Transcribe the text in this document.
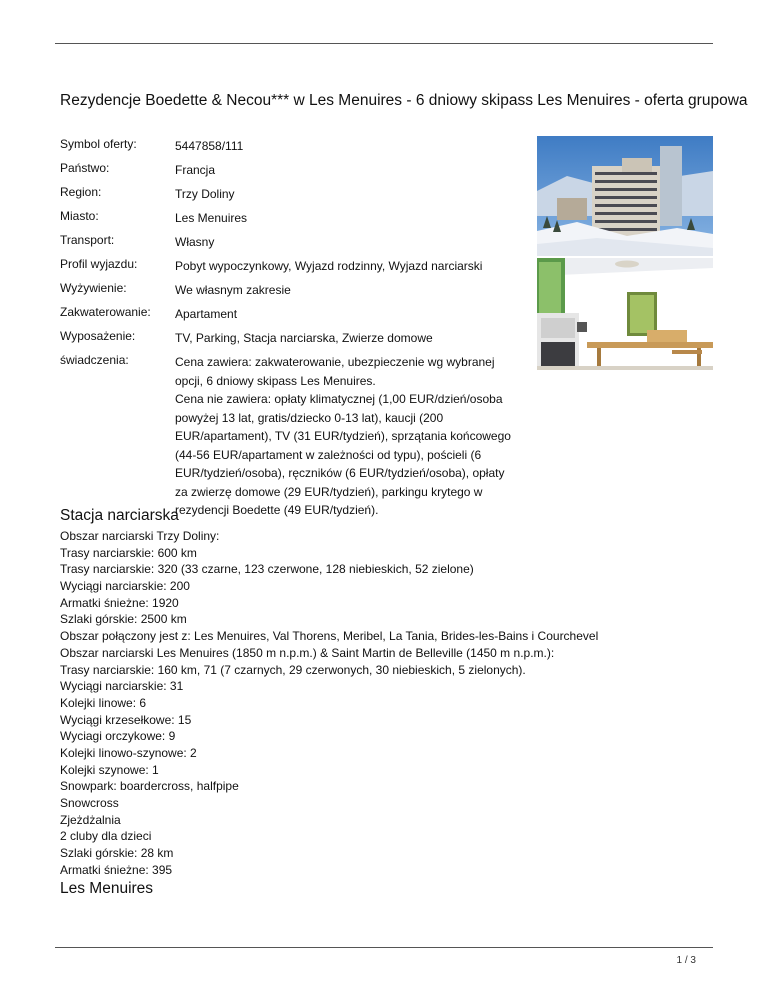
Rezydencje Boedette & Necou*** w Les Menuires - 6 dniowy skipass Les Menuires - oferta grupowa
Symbol oferty:	5447858/111
Państwo:	Francja
Region:	Trzy Doliny
Miasto:	Les Menuires
Transport:	Własny
Profil wyjazdu:	Pobyt wypoczynkowy, Wyjazd rodzinny, Wyjazd narciarski
Wyżywienie:	We własnym zakresie
Zakwaterowanie: Apartament
Wyposażenie:	TV, Parking, Stacja narciarska, Zwierze domowe
świadczenia:	Cena zawiera: zakwaterowanie, ubezpieczenie wg wybranej
opcji, 6 dniowy skipass Les Menuires.
Cena nie zawiera: opłaty klimatycznej (1,00 EUR/dzień/osoba
powyżej 13 lat, gratis/dziecko 0-13 lat), kaucji (200
EUR/apartament), TV (31 EUR/tydzień), sprzątania końcowego
(44-56 EUR/apartament w zależności od typu), pościeli (6
EUR/tydzień/osoba), ręczników (6 EUR/tydzień/osoba), opłaty
za zwierzę domowe (29 EUR/tydzień), parkingu krytego w
rezydencji Boedette (49 EUR/tydzień).
Stacja narciarska
Obszar narciarski Trzy Doliny:
Trasy narciarskie: 600 km
Trasy narciarskie: 320 (33 czarne, 123 czerwone, 128 niebieskich, 52 zielone)
Wyciągi narciarskie: 200
Armatki śnieżne: 1920
Szlaki górskie: 2500 km
Obszar połączony jest z: Les Menuires, Val Thorens, Meribel, La Tania, Brides-les-Bains i Courchevel
Obszar narciarski Les Menuires (1850 m n.p.m.) & Saint Martin de Belleville (1450 m n.p.m.):
Trasy narciarskie: 160 km, 71 (7 czarnych, 29 czerwonych, 30 niebieskich, 5 zielonych).
Wyciągi narciarskie: 31
Kolejki linowe: 6
Wyciągi krzesełkowe: 15
Wyciagi orczykowe: 9
Kolejki linowo-szynowe: 2
Kolejki szynowe: 1
Snowpark: boardercross, halfpipe
Snowcross
Zjeżdżalnia
2 cluby dla dzieci
Szlaki górskie: 28 km
Armatki śnieżne: 395
Les Menuires
1 / 3
